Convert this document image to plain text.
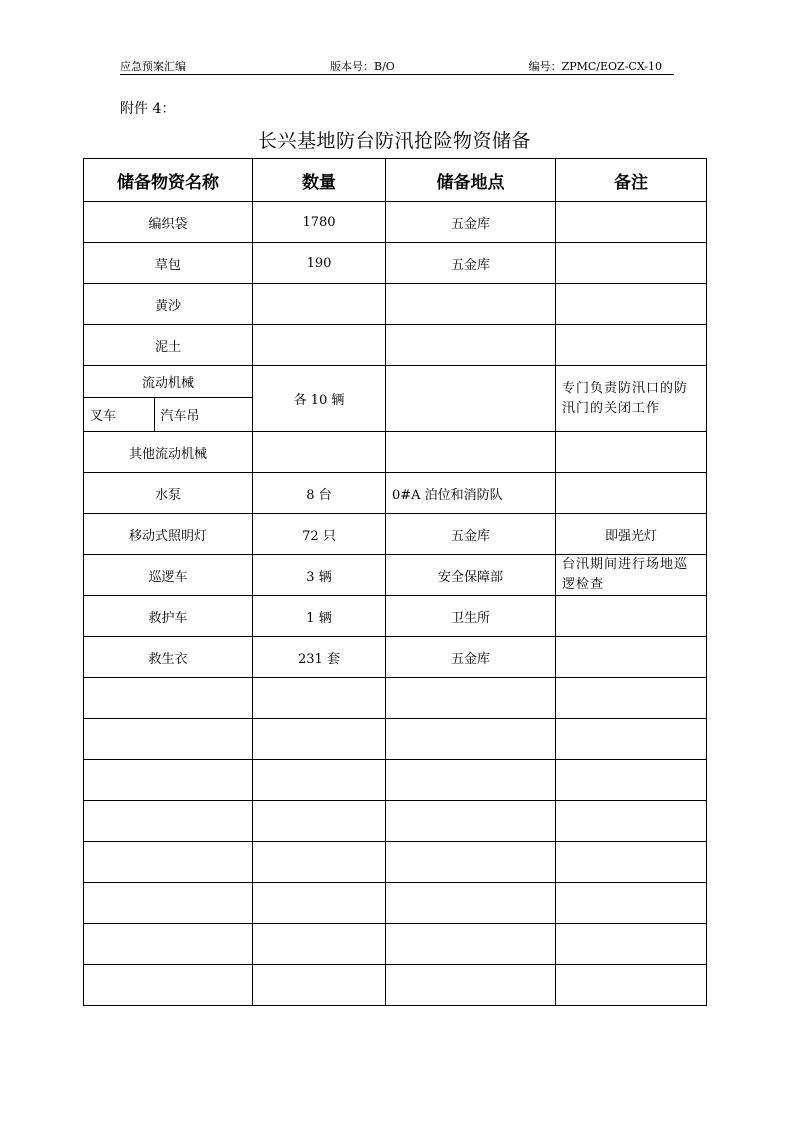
应急预案汇编	版本号：B/O	编号：ZPMC/EOZ-CX-10
附件 4：
长兴基地防台防汛抢险物资储备
储备物资名称	数量	储备地点	备注
编织袋	1780	五金库	
草包	190	五金库	
黄沙			
泥土			

流动机械
叉车	汽车吊
	各 10 辆		专门负责防汛口的防汛门的关闭工作
其他流动机械			
水泵	8 台	0#A 泊位和消防队	
移动式照明灯	72 只	五金库	即强光灯
巡逻车	3 辆	安全保障部	台汛期间进行场地巡逻检查
救护车	1 辆	卫生所	
救生衣	231 套	五金库	
